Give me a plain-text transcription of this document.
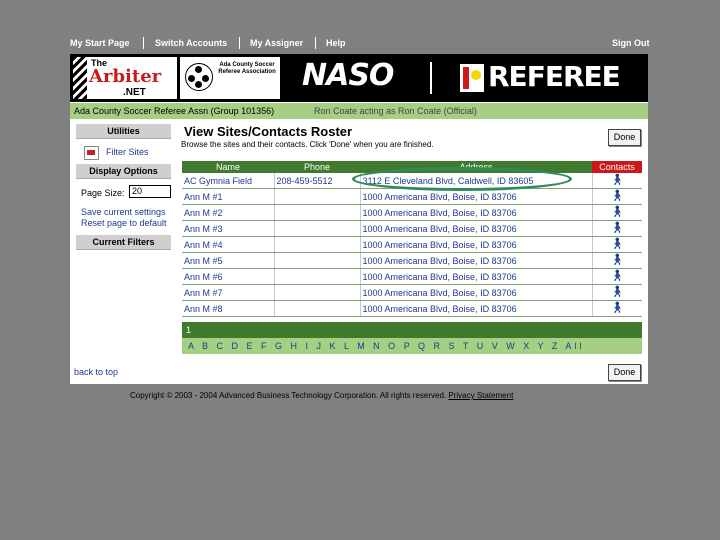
My Start Page	Switch Accounts	My Assigner	Help	Sign Out
The
Arbiter
.NET
Ada County Soccer Referee Association NASO	REFEREE
Ada County Soccer Referee Assn (Group 101356)	Ron Coate acting as Ron Coate (Official)
Utilities
Filter Sites
Display Options
Page Size: 20
Save current settings
Reset page to default
Current Filters
View Sites/Contacts Roster
Browse the sites and their contacts. Click 'Done' when you are finished.
Done
Name	Phone	Address	Contacts
AC Gymnia Field	208-459-5512	3112 E Cleveland Blvd, Caldwell, ID 83605	🚶︎
Ann M #1		1000 Americana Blvd, Boise, ID 83706	🚶︎
Ann M #2		1000 Americana Blvd, Boise, ID 83706	🚶︎
Ann M #3		1000 Americana Blvd, Boise, ID 83706	🚶︎
Ann M #4		1000 Americana Blvd, Boise, ID 83706	🚶︎
Ann M #5		1000 Americana Blvd, Boise, ID 83706	🚶︎
Ann M #6		1000 Americana Blvd, Boise, ID 83706	🚶︎
Ann M #7		1000 Americana Blvd, Boise, ID 83706	🚶︎
Ann M #8		1000 Americana Blvd, Boise, ID 83706	🚶︎
1
A B C D E F G H I J K L M N O P Q R S T U V W X Y Z All
back to top	Done
Copyright © 2003 - 2004 Advanced Business Technology Corporation. All rights reserved. Privacy Statement
